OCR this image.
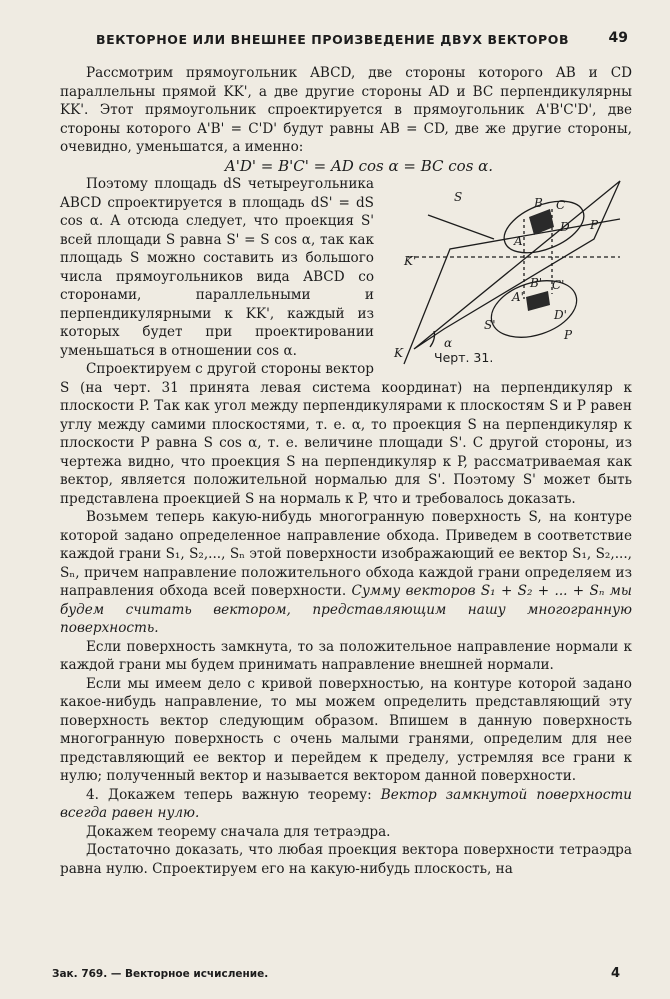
ВЕКТОРНОЕ ИЛИ ВНЕШНЕЕ ПРОИЗВЕДЕНИЕ ДВУХ ВЕКТОРОВ	49

Рассмотрим прямоугольник ABCD, две стороны которого AB и CD параллельны прямой KK', а две другие стороны AD и BC перпендикулярны KK'. Этот прямоугольник спроектируется в прямоугольник A'B'C'D', две стороны которого A'B' = C'D' будут равны AB = CD, две же другие стороны, очевидно, уменьшатся, а именно:

A'D' = B'C' = AD cos α = BC cos α.

S
S'
P
P
K
K'
α
A
B C
D
A'
B' C'
D'
Черт. 31.

Поэтому площадь dS четыреугольника ABCD спроектируется в площадь dS' = dS cos α. А отсюда следует, что проекция S' всей площади S равна S' = S cos α, так как площадь S можно составить из большого числа прямоугольников вида ABCD со сторонами, параллельными и перпендикулярными к KK', каждый из которых будет при проектировании уменьшаться в отношении cos α.

Спроектируем с другой стороны вектор S (на черт. 31 принята левая система координат) на перпендикуляр к плоскости P. Так как угол между перпендикулярами к плоскостям S и P равен углу между самими плоскостями, т. е. α, то проекция S на перпендикуляр к плоскости P равна S cos α, т. е. величине площади S'. С другой стороны, из чертежа видно, что проекция S на перпендикуляр к P, рассматриваемая как вектор, является положительной нормалью для S'. Поэтому S' может быть представлена проекцией S на нормаль к P, что и требовалось доказать.

Возьмем теперь какую-нибудь многогранную поверхность S, на контуре которой задано определенное направление обхода. Приведем в соответствие каждой грани S₁, S₂,..., Sₙ этой поверхности изображающий ее вектор S₁, S₂,..., Sₙ, причем направление положительного обхода каждой грани определяем из направления обхода всей поверхности. Сумму векторов S₁ + S₂ + ... + Sₙ мы будем считать вектором, представляющим нашу многогранную поверхность.

Если поверхность замкнута, то за положительное направление нормали к каждой грани мы будем принимать направление внешней нормали.

Если мы имеем дело с кривой поверхностью, на контуре которой задано какое-нибудь направление, то мы можем определить представляющий эту поверхность вектор следующим образом. Впишем в данную поверхность многогранную поверхность с очень малыми гранями, определим для нее представляющий ее вектор и перейдем к пределу, устремляя все грани к нулю; полученный вектор и называется вектором данной поверхности.

4. Докажем теперь важную теорему: Вектор замкнутой поверхности всегда равен нулю.

Докажем теорему сначала для тетраэдра.

Достаточно доказать, что любая проекция вектора поверхности тетраэдра равна нулю. Спроектируем его на какую-нибудь плоскость, на

Зак. 769. — Векторное исчисление.	4
